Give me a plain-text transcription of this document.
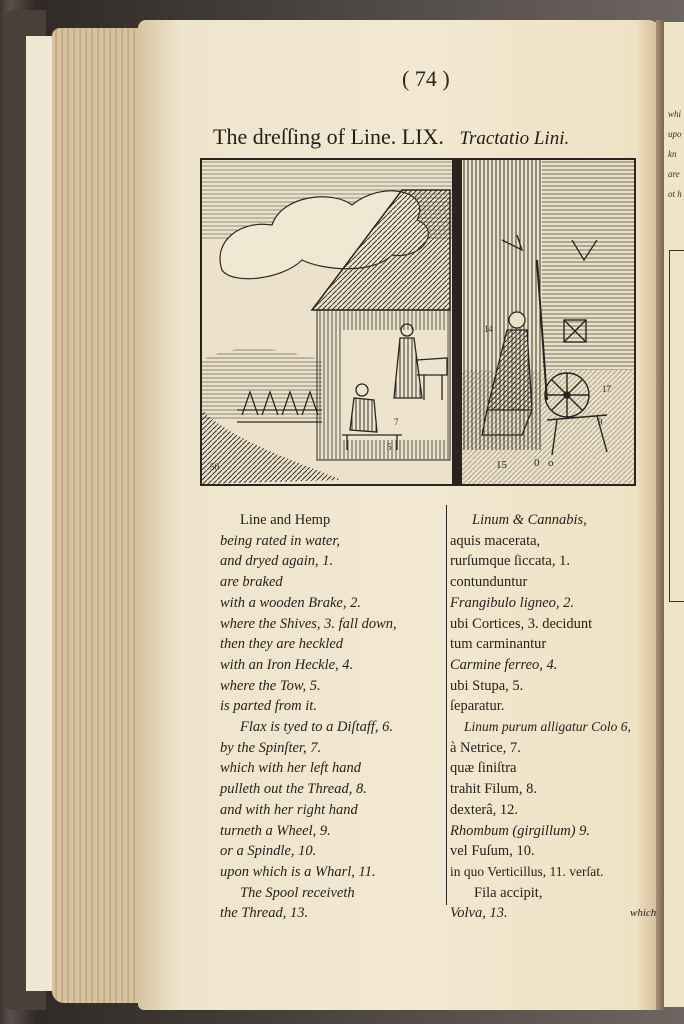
whi
upo
kn
are
ot h
( 74 )
The dreſſing of Line. LIX. Tractatio Lini.
50
7
5
15 0 o
9
14
17
Line and Hemp
being rated in water,
and dryed again, 1.
are braked
with a wooden Brake, 2.
where the Shives, 3. fall down,
then they are heckled
with an Iron Heckle, 4.
where the Tow, 5.
is parted from it.
Flax is tyed to a Diſtaff, 6.
by the Spinſter, 7.
which with her left hand
pulleth out the Thread, 8.
and with her right hand
turneth a Wheel, 9.
or a Spindle, 10.
upon which is a Wharl, 11.
The Spool receiveth
the Thread, 13.
Linum & Cannabis,
aquis macerata,
rurſumque ſiccata, 1.
contunduntur
Frangibulo ligneo, 2.
ubi Cortices, 3. decidunt
tum carminantur
Carmine ferreo, 4.
ubi Stupa, 5.
ſeparatur.
Linum purum alligatur Colo 6,
à Netrice, 7.
quæ ſiniſtra
trahit Filum, 8.
dexterâ, 12.
Rhombum (girgillum) 9.
vel Fuſum, 10.
in quo Verticillus, 11. verſat.
Fila accipit,
Volva, 13.	which
